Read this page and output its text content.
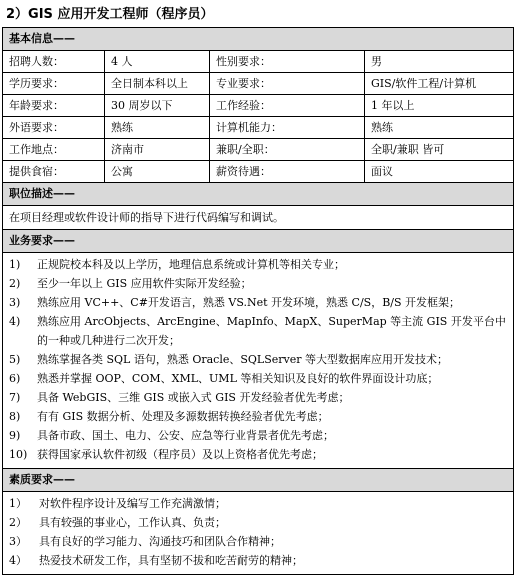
2）GIS 应用开发工程师（程序员）
基本信息——
招聘人数：	4 人	性别要求：	男
学历要求：	全日制本科以上	专业要求：	GIS/软件工程/计算机
年龄要求：	30 周岁以下	工作经验：	1 年以上
外语要求：	熟练	计算机能力：	熟练
工作地点：	济南市	兼职/全职：	全职/兼职 皆可
提供食宿：	公寓	薪资待遇：	面议
职位描述——
在项目经理或软件设计师的指导下进行代码编写和调试。
业务要求——
1)	正规院校本科及以上学历，地理信息系统或计算机等相关专业；
2)	至少一年以上 GIS 应用软件实际开发经验；
3)	熟练应用 VC++、C#开发语言，熟悉 VS.Net 开发环境，熟悉 C/S，B/S 开发框架；
4)	熟练应用 ArcObjects、ArcEngine、MapInfo、MapX、SuperMap 等主流 GIS 开发平台中的一种或几种进行二次开发；
5)	熟练掌握各类 SQL 语句，熟悉 Oracle、SQLServer 等大型数据库应用开发技术；
6)	熟悉并掌握 OOP、COM、XML、UML 等相关知识及良好的软件界面设计功底；
7)	具备 WebGIS、三维 GIS 或嵌入式 GIS 开发经验者优先考虑；
8)	有有 GIS 数据分析、处理及多源数据转换经验者优先考虑；
9)	具备市政、国土、电力、公安、应急等行业背景者优先考虑；
10) 获得国家承认软件初级（程序员）及以上资格者优先考虑；
素质要求——
1）	对软件程序设计及编写工作充满激情；
2）	具有较强的事业心，工作认真、负责；
3）	具有良好的学习能力、沟通技巧和团队合作精神；
4）	热爱技术研发工作，具有坚韧不拔和吃苦耐劳的精神；
